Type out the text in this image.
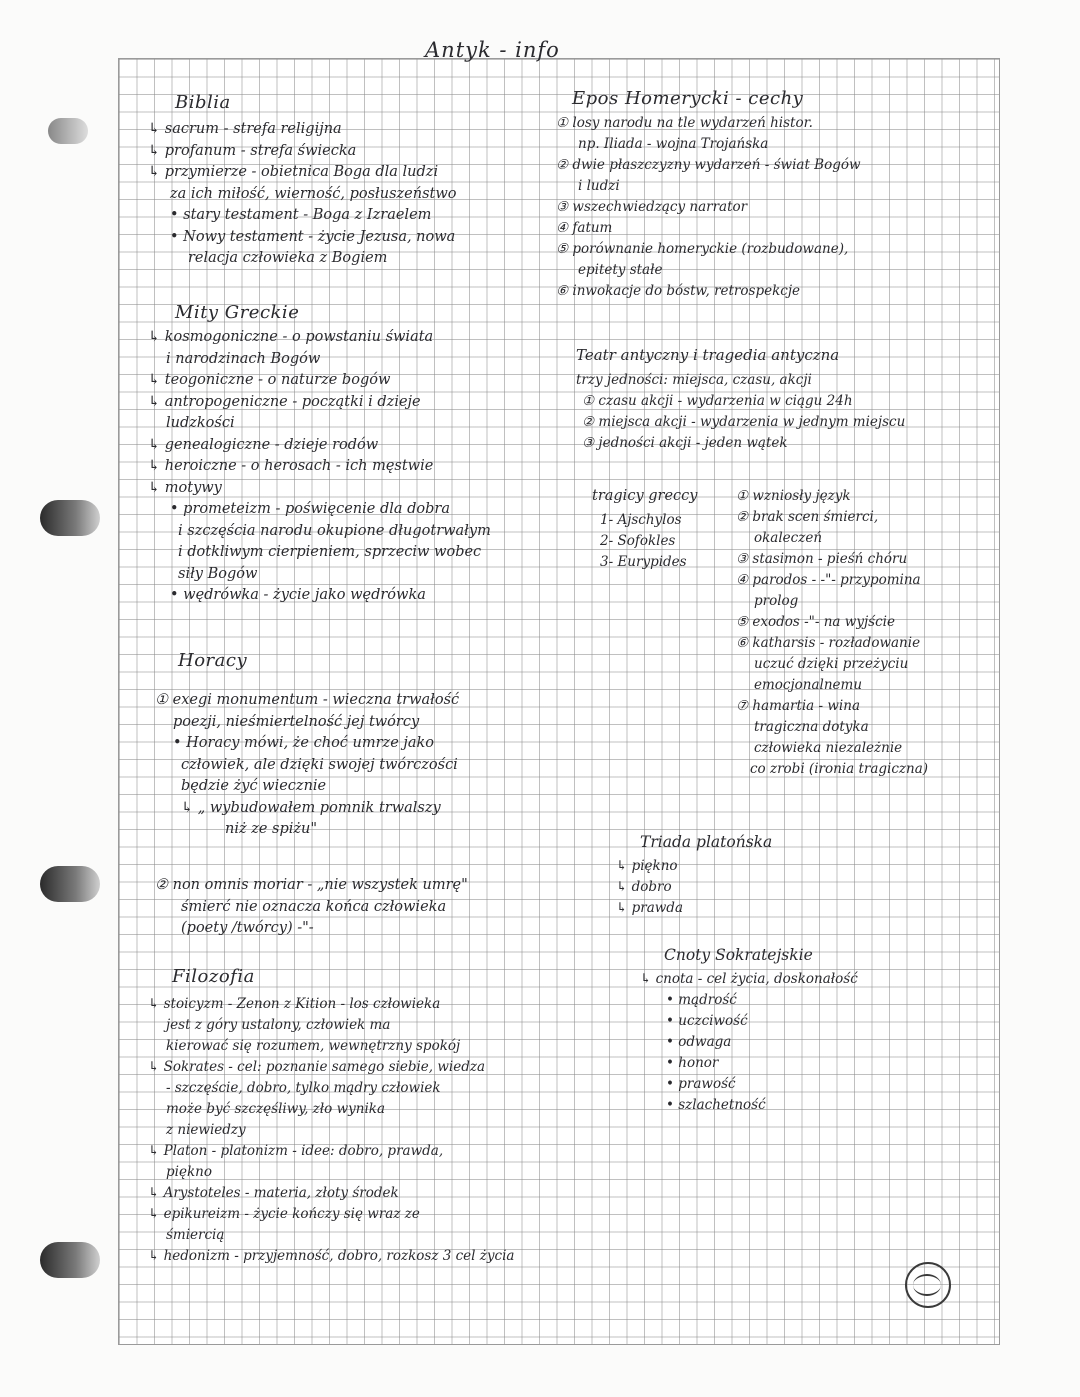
Antyk - info
Biblia
↳ sacrum - strefa religijna
↳ profanum - strefa świecka
↳ przymierze - obietnica Boga dla ludzi
za ich miłość, wierność, posłuszeństwo
• stary testament - Boga z Izraelem
• Nowy testament - życie Jezusa, nowa
relacja człowieka z Bogiem
Mity Greckie
↳ kosmogoniczne - o powstaniu świata
i narodzinach Bogów
↳ teogoniczne - o naturze bogów
↳ antropogeniczne - początki i dzieje
ludzkości
↳ genealogiczne - dzieje rodów
↳ heroiczne - o herosach - ich męstwie
↳ motywy
• prometeizm - poświęcenie dla dobra
i szczęścia narodu okupione długotrwałym
i dotkliwym cierpieniem, sprzeciw wobec
siły Bogów
• wędrówka - życie jako wędrówka
Horacy
① exegi monumentum - wieczna trwałość
poezji, nieśmiertelność jej twórcy
• Horacy mówi, że choć umrze jako
człowiek, ale dzięki swojej twórczości
będzie żyć wiecznie
↳ „ wybudowałem pomnik trwalszy
niż ze spiżu"
② non omnis moriar - „nie wszystek umrę"
śmierć nie oznacza końca człowieka
(poety /twórcy) -"-
Filozofia
↳ stoicyzm - Zenon z Kition - los człowieka
jest z góry ustalony, człowiek ma
kierować się rozumem, wewnętrzny spokój
↳ Sokrates - cel: poznanie samego siebie, wiedza
- szczęście, dobro, tylko mądry człowiek
może być szczęśliwy, zło wynika
z niewiedzy
↳ Platon - platonizm - idee: dobro, prawda,
piękno
↳ Arystoteles - materia, złoty środek
↳ epikureizm - życie kończy się wraz ze
śmiercią
↳ hedonizm - przyjemność, dobro, rozkosz 3 cel życia
Epos Homerycki - cechy
① losy narodu na tle wydarzeń histor.
np. Iliada - wojna Trojańska
② dwie płaszczyzny wydarzeń - świat Bogów
i ludzi
③ wszechwiedzący narrator
④ fatum
⑤ porównanie homeryckie (rozbudowane),
epitety stałe
⑥ inwokacje do bóstw, retrospekcje
Teatr antyczny i tragedia antyczna
trzy jedności: miejsca, czasu, akcji
① czasu akcji - wydarzenia w ciągu 24h
② miejsca akcji - wydarzenia w jednym miejscu
③ jedności akcji - jeden wątek
tragicy greccy
1- Ajschylos
2- Sofokles
3- Eurypides
① wzniosły język
② brak scen śmierci,
okaleczeń
③ stasimon - pieśń chóru
④ parodos - -"- przypomina
prolog
⑤ exodos -"- na wyjście
⑥ katharsis - rozładowanie
uczuć dzięki przeżyciu
emocjonalnemu
⑦ hamartia - wina
tragiczna dotyka
człowieka niezależnie
co zrobi (ironia tragiczna)
Triada platońska
↳ piękno
↳ dobro
↳ prawda
Cnoty Sokratejskie
↳ cnota - cel życia, doskonałość
• mądrość
• uczciwość
• odwaga
• honor
• prawość
• szlachetność
